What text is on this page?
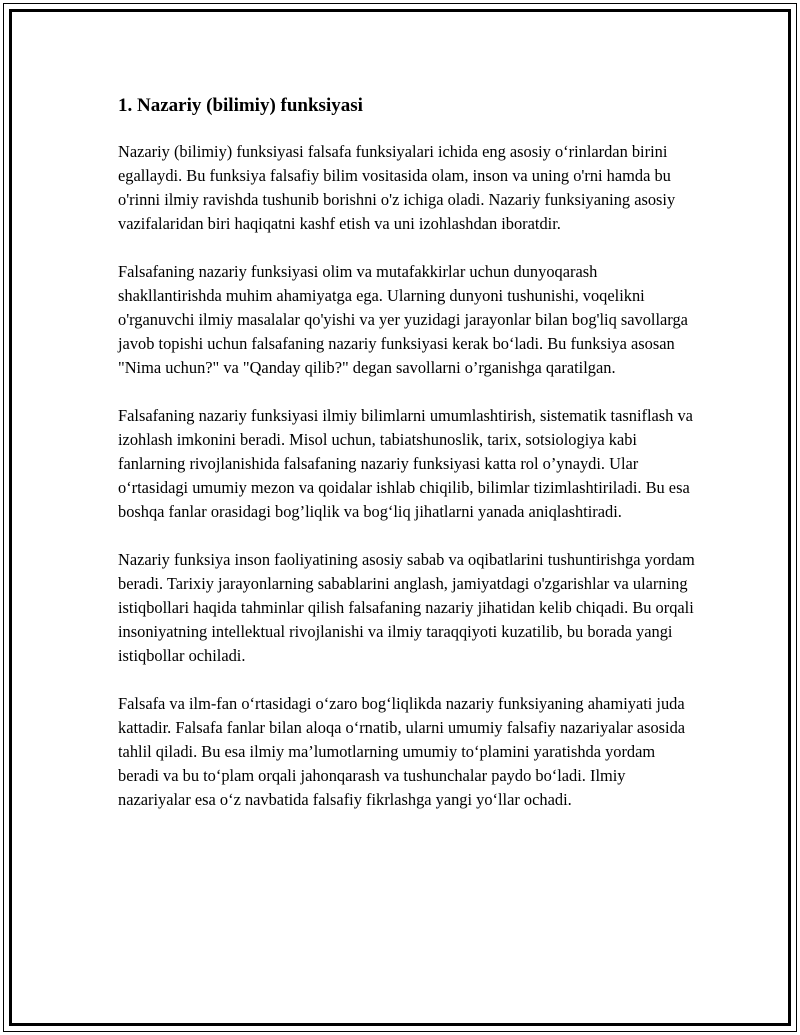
1. Nazariy (bilimiy) funksiyasi

Nazariy (bilimiy) funksiyasi falsafa funksiyalari ichida eng asosiy o‘rinlardan birini egallaydi. Bu funksiya falsafiy bilim vositasida olam, inson va uning o'rni hamda bu o'rinni ilmiy ravishda tushunib borishni o'z ichiga oladi. Nazariy funksiyaning asosiy vazifalaridan biri haqiqatni kashf etish va uni izohlashdan iboratdir.

Falsafaning nazariy funksiyasi olim va mutafakkirlar uchun dunyoqarash shakllantirishda muhim ahamiyatga ega. Ularning dunyoni tushunishi, voqelikni o'rganuvchi ilmiy masalalar qo'yishi va yer yuzidagi jarayonlar bilan bog'liq savollarga javob topishi uchun falsafaning nazariy funksiyasi kerak bo‘ladi. Bu funksiya asosan "Nima uchun?" va "Qanday qilib?" degan savollarni o’rganishga qaratilgan.

Falsafaning nazariy funksiyasi ilmiy bilimlarni umumlashtirish, sistematik tasniflash va izohlash imkonini beradi. Misol uchun, tabiatshunoslik, tarix, sotsiologiya kabi fanlarning rivojlanishida falsafaning nazariy funksiyasi katta rol o’ynaydi. Ular o‘rtasidagi umumiy mezon va qoidalar ishlab chiqilib, bilimlar tizimlashtiriladi. Bu esa boshqa fanlar orasidagi bog’liqlik va bog‘liq jihatlarni yanada aniqlashtiradi.

Nazariy funksiya inson faoliyatining asosiy sabab va oqibatlarini tushuntirishga yordam beradi. Tarixiy jarayonlarning sabablarini anglash, jamiyatdagi o'zgarishlar va ularning istiqbollari haqida tahminlar qilish falsafaning nazariy jihatidan kelib chiqadi. Bu orqali insoniyatning intellektual rivojlanishi va ilmiy taraqqiyoti kuzatilib, bu borada yangi istiqbollar ochiladi.

Falsafa va ilm-fan o‘rtasidagi o‘zaro bog‘liqlikda nazariy funksiyaning ahamiyati juda kattadir. Falsafa fanlar bilan aloqa o‘rnatib, ularni umumiy falsafiy nazariyalar asosida tahlil qiladi. Bu esa ilmiy ma’lumotlarning umumiy to‘plamini yaratishda yordam beradi va bu to‘plam orqali jahonqarash va tushunchalar paydo bo‘ladi. Ilmiy nazariyalar esa o‘z navbatida falsafiy fikrlashga yangi yo‘llar ochadi.
